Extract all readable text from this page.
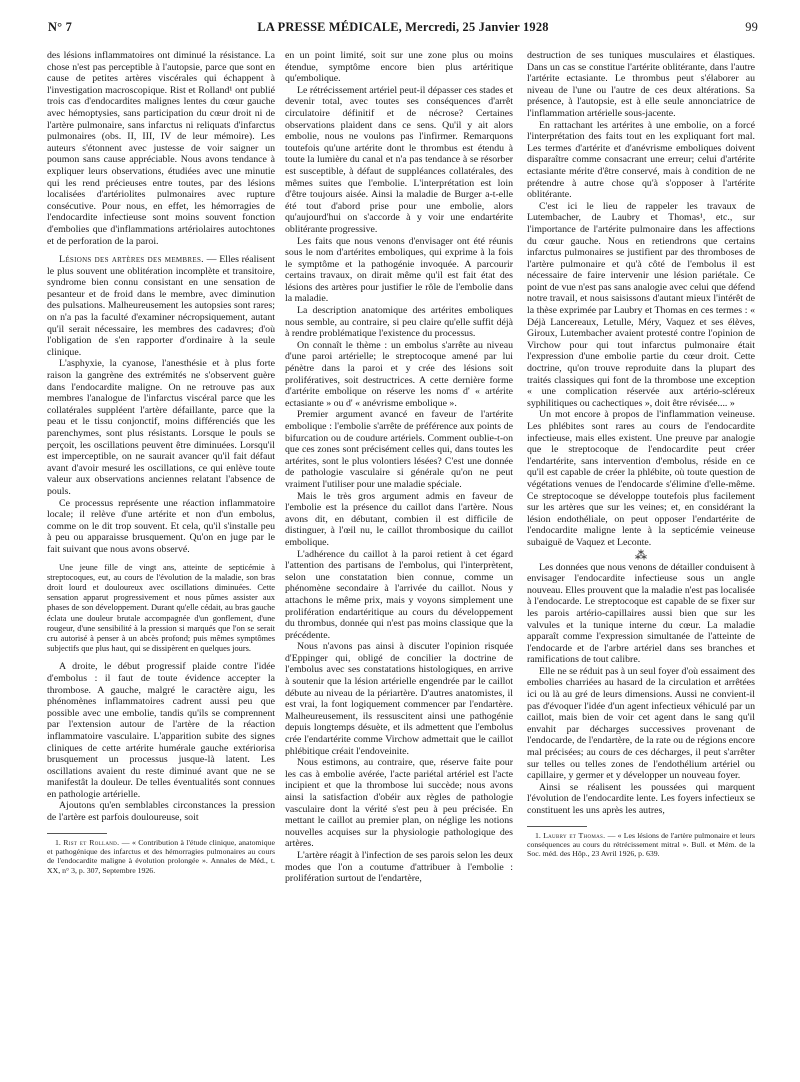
N° 7	LA PRESSE MÉDICALE, Mercredi, 25 Janvier 1928	99

des lésions inflammatoires ont diminué la résistance. La chose n'est pas perceptible à l'autopsie, parce que sont en cause de petites artères viscérales qui échappent à l'investigation macroscopique. Rist et Rolland¹ ont publié trois cas d'endocardites malignes lentes du cœur gauche avec hémoptysies, sans participation du cœur droit ni de l'artère pulmonaire, sans infarctus ni reliquats d'infarctus pulmonaires (obs. II, III, IV de leur mémoire). Les auteurs s'étonnent avec justesse de voir saigner un poumon sans cause appréciable. Nous avons tendance à expliquer leurs observations, étudiées avec une minutie qui les rend précieuses entre toutes, par des lésions localisées d'artériolites pulmonaires avec rupture consécutive. Pour nous, en effet, les hémorragies de l'endocardite infectieuse sont moins souvent fonction d'embolies que d'inflammations artériolaires autochtones et de perforation de la paroi.

Lésions des artères des membres. — Elles réalisent le plus souvent une oblitération incomplète et transitoire, syndrome bien connu consistant en une sensation de pesanteur et de froid dans le membre, avec diminution des pulsations. Malheureusement les autopsies sont rares; on n'a pas la faculté d'examiner nécropsiquement, autant qu'il serait nécessaire, les membres des cadavres; d'où l'obligation de s'en rapporter d'ordinaire à la seule clinique.

L'asphyxie, la cyanose, l'anesthésie et à plus forte raison la gangrène des extrémités ne s'observent guère dans l'endocardite maligne. On ne retrouve pas aux membres l'analogue de l'infarctus viscéral parce que les collatérales suppléent l'artère défaillante, parce que la peau et le tissu conjonctif, moins différenciés que les parenchymes, sont plus résistants. Lorsque le pouls se perçoit, les oscillations peuvent être diminuées. Lorsqu'il est imperceptible, on ne saurait avancer qu'il fait défaut avant d'avoir mesuré les oscillations, ce qui enlève toute valeur aux observations anciennes relatant l'absence de pouls.

Ce processus représente une réaction inflammatoire locale; il relève d'une artérite et non d'un embolus, comme on le dit trop souvent. Et cela, qu'il s'installe peu à peu ou apparaisse brusquement. Qu'on en juge par le fait suivant que nous avons observé.

Une jeune fille de vingt ans, atteinte de septicémie à streptocoques, eut, au cours de l'évolution de la maladie, son bras droit lourd et douloureux avec oscillations diminuées. Cette sensation apparut progressivement et nous pûmes assister aux phases de son développement. Durant qu'elle cédait, au bras gauche éclata une douleur brutale accompagnée d'un gonflement, d'une rougeur, d'une sensibilité à la pression si marqués que l'on se serait cru autorisé à penser à un abcès profond; puis mêmes symptômes subjectifs que plus haut, qui se dissipèrent en quelques jours.

A droite, le début progressif plaide contre l'idée d'embolus : il faut de toute évidence accepter la thrombose. A gauche, malgré le caractère aigu, les phénomènes inflammatoires cadrent aussi peu que possible avec une embolie, tandis qu'ils se comprennent par l'extension autour de l'artère de la réaction inflammatoire vasculaire. L'apparition subite des signes cliniques de cette artérite humérale gauche extériorisa brusquement un processus jusque-là latent. Les oscillations avaient du reste diminué avant que ne se manifestât la douleur. De telles éventualités sont connues en pathologie artérielle.

Ajoutons qu'en semblables circonstances la pression de l'artère est parfois douloureuse, soit

1. Rist et Rolland. — « Contribution à l'étude clinique, anatomique et pathogénique des infarctus et des hémorragies pulmonaires au cours de l'endocardite maligne à évolution prolongée ». Annales de Méd., t. XX, n° 3, p. 307, Septembre 1926.

en un point limité, soit sur une zone plus ou moins étendue, symptôme encore bien plus artéritique qu'embolique.

Le rétrécissement artériel peut-il dépasser ces stades et devenir total, avec toutes ses conséquences d'arrêt circulatoire définitif et de nécrose? Certaines observations plaident dans ce sens. Qu'il y ait alors embolie, nous ne voulons pas l'infirmer. Remarquons toutefois qu'une artérite dont le thrombus est étendu à toute la lumière du canal et n'a pas tendance à se résorber est susceptible, à défaut de suppléances collatérales, des mêmes suites que l'embolie. L'interprétation est loin d'être toujours aisée. Ainsi la maladie de Burger a-t-elle été tout d'abord prise pour une embolie, alors qu'aujourd'hui on s'accorde à y voir une endartérite oblitérante progressive.

Les faits que nous venons d'envisager ont été réunis sous le nom d'artérites emboliques, qui exprime à la fois le symptôme et la pathogénie invoquée. A parcourir certains travaux, on dirait même qu'il est fait état des lésions des artères pour justifier le rôle de l'embolie dans la maladie.

La description anatomique des artérites emboliques nous semble, au contraire, si peu claire qu'elle suffit déjà à rendre problématique l'existence du processus.

On connaît le thème : un embolus s'arrête au niveau d'une paroi artérielle; le streptocoque amené par lui pénètre dans la paroi et y crée des lésions soit prolifératives, soit destructrices. A cette dernière forme d'artérite embolique on réserve les noms d' « artérite ectasiante » ou d' « anévrisme embolique ».

Premier argument avancé en faveur de l'artérite embolique : l'embolie s'arrête de préférence aux points de bifurcation ou de coudure artériels. Comment oublie-t-on que ces zones sont précisément celles qui, dans toutes les artérites, sont le plus volontiers lésées? C'est une donnée de pathologie vasculaire si générale qu'on ne peut vraiment l'utiliser pour une maladie spéciale.

Mais le très gros argument admis en faveur de l'embolie est la présence du caillot dans l'artère. Nous avons dit, en débutant, combien il est difficile de distinguer, à l'œil nu, le caillot thrombosique du caillot embolique.

L'adhérence du caillot à la paroi retient à cet égard l'attention des partisans de l'embolus, qui l'interprètent, selon une constatation bien connue, comme un phénomène secondaire à l'arrivée du caillot. Nous y attachons le même prix, mais y voyons simplement une prolifération endartéritique au cours du développement du thrombus, donnée qui n'est pas moins classique que la précédente.

Nous n'avons pas ainsi à discuter l'opinion risquée d'Eppinger qui, obligé de concilier la doctrine de l'embolus avec ses constatations histologiques, en arrive à soutenir que la lésion artérielle engendrée par le caillot débute au niveau de la périartère. D'autres anatomistes, il est vrai, la font logiquement commencer par l'endartère. Malheureusement, ils ressuscitent ainsi une pathogénie depuis longtemps désuète, et ils admettent que l'embolus crée l'endartérite comme Virchow admettait que le caillot phlébitique créait l'endoveinite.

Nous estimons, au contraire, que, réserve faite pour les cas à embolie avérée, l'acte pariétal artériel est l'acte incipient et que la thrombose lui succède; nous avons ainsi la satisfaction d'obéir aux règles de pathologie vasculaire dont la vérité s'est peu à peu précisée. En mettant le caillot au premier plan, on néglige les notions nouvelles acquises sur la physiologie pathologique des artères.

L'artère réagit à l'infection de ses parois selon les deux modes que l'on a coutume d'attribuer à l'embolie : prolifération surtout de l'endartère,

destruction de ses tuniques musculaires et élastiques. Dans un cas se constitue l'artérite oblitérante, dans l'autre l'artérite ectasiante. Le thrombus peut s'élaborer au niveau de l'une ou l'autre de ces deux altérations. Sa présence, à l'autopsie, est à elle seule annonciatrice de l'inflammation artérielle sous-jacente.

En rattachant les artérites à une embolie, on a forcé l'interprétation des faits tout en les expliquant fort mal. Les termes d'artérite et d'anévrisme emboliques doivent disparaître comme consacrant une erreur; celui d'artérite ectasiante mérite d'être conservé, mais à condition de ne prétendre à autre chose qu'à s'opposer à l'artérite oblitérante.

C'est ici le lieu de rappeler les travaux de Lutembacher, de Laubry et Thomas¹, etc., sur l'importance de l'artérite pulmonaire dans les affections du cœur gauche. Nous en retiendrons que certains infarctus pulmonaires se justifient par des thromboses de l'artère pulmonaire et qu'à côté de l'embolus il est nécessaire de faire intervenir une lésion pariétale. Ce point de vue n'est pas sans analogie avec celui que défend notre travail, et nous saisissons d'autant mieux l'intérêt de la thèse exprimée par Laubry et Thomas en ces termes : « Déjà Lancereaux, Letulle, Méry, Vaquez et ses élèves, Giroux, Lutembacher avaient protesté contre l'opinion de Virchow pour qui tout infarctus pulmonaire était l'expression d'une embolie partie du cœur droit. Cette doctrine, qu'on trouve reproduite dans la plupart des traités classiques qui font de la thrombose une exception « une complication réservée aux artério-scléreux syphilitiques ou cachectiques », doit être révisée.... »

Un mot encore à propos de l'inflammation veineuse. Les phlébites sont rares au cours de l'endocardite infectieuse, mais elles existent. Une preuve par analogie que le streptocoque de l'endocardite peut créer l'endartérite, sans intervention d'embolus, réside en ce qu'il est capable de créer la phlébite, où toute question de végétations venues de l'endocarde s'élimine d'elle-même. Ce streptocoque se développe toutefois plus facilement sur les artères que sur les veines; et, en considérant la lésion endothéliale, on peut opposer l'endartérite de l'endocardite maligne lente à la septicémie veineuse subaiguë de Vaquez et Leconte.

⁂

Les données que nous venons de détailler conduisent à envisager l'endocardite infectieuse sous un angle nouveau. Elles prouvent que la maladie n'est pas localisée à l'endocarde. Le streptocoque est capable de se fixer sur les parois artério-capillaires aussi bien que sur les valvules et la tunique interne du cœur. La maladie apparaît comme l'expression simultanée de l'atteinte de l'endocarde et de l'arbre artériel dans ses branches et ramifications de tout calibre.

Elle ne se réduit pas à un seul foyer d'où essaiment des embolies charriées au hasard de la circulation et arrêtées ici ou là au gré de leurs dimensions. Aussi ne convient-il pas d'évoquer l'idée d'un agent infectieux véhiculé par un caillot, mais bien de voir cet agent dans le sang qu'il envahit par décharges successives provenant de l'endocarde, de l'endartère, de la rate ou de régions encore mal précisées; au cours de ces décharges, il peut s'arrêter sur telles ou telles zones de l'endothélium artériel ou capillaire, y germer et y développer un nouveau foyer.

Ainsi se réalisent les poussées qui marquent l'évolution de l'endocardite lente. Les foyers infectieux se constituent les uns après les autres,

1. Laubry et Thomas. — « Les lésions de l'artère pulmonaire et leurs conséquences au cours du rétrécissement mitral ». Bull. et Mém. de la Soc. méd. des Hôp., 23 Avril 1926, p. 639.
